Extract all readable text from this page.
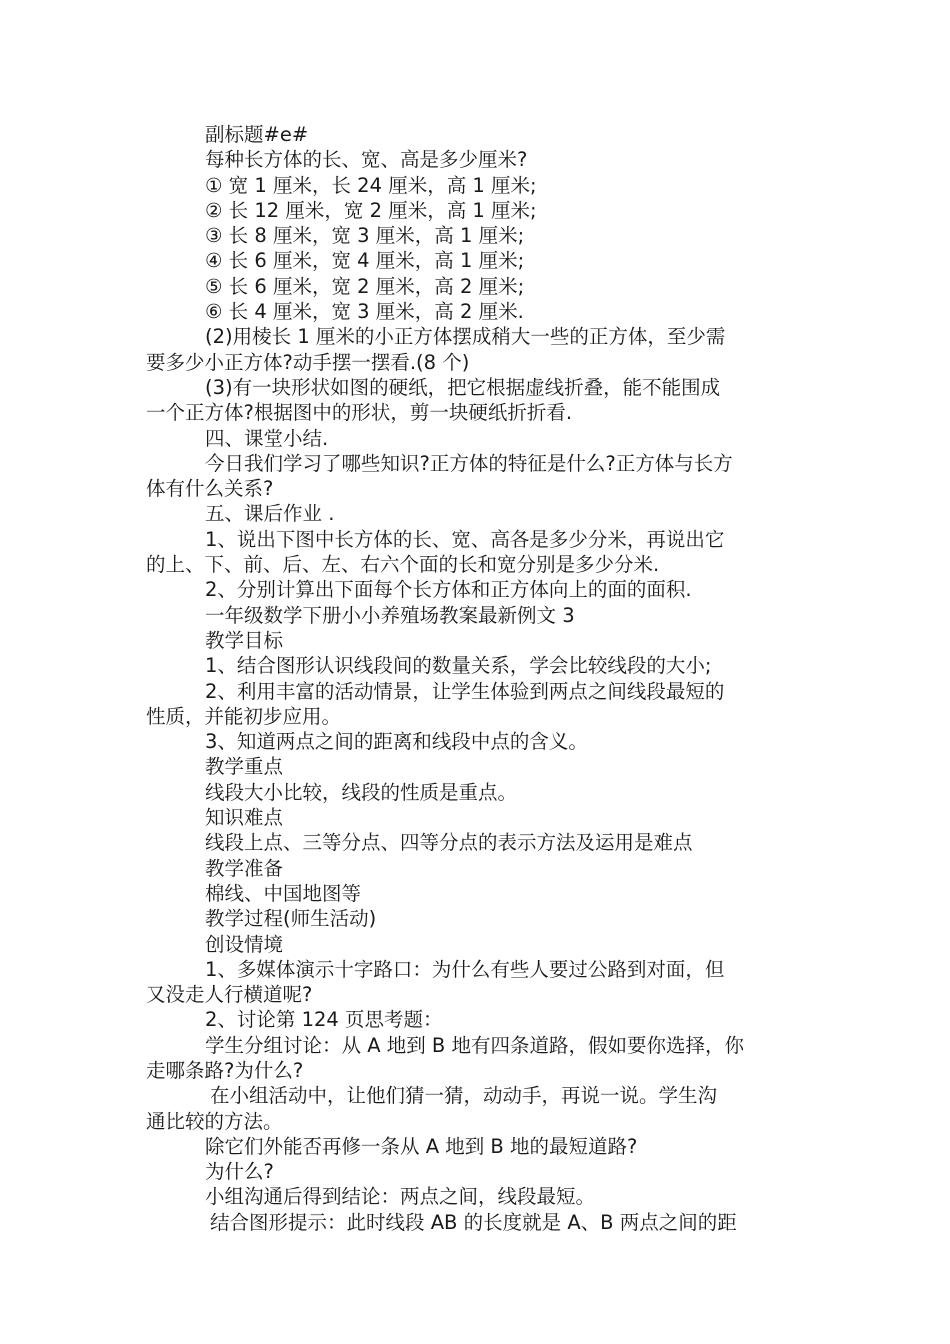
副标题#e#
每种长方体的长、宽、高是多少厘米?
① 宽 1 厘米，长 24 厘米，高 1 厘米;
② 长 12 厘米，宽 2 厘米，高 1 厘米;
③ 长 8 厘米，宽 3 厘米，高 1 厘米;
④ 长 6 厘米，宽 4 厘米，高 1 厘米;
⑤ 长 6 厘米，宽 2 厘米，高 2 厘米;
⑥ 长 4 厘米，宽 3 厘米，高 2 厘米.
(2)用棱长 1 厘米的小正方体摆成稍大一些的正方体，至少需
要多少小正方体?动手摆一摆看.(8 个)
(3)有一块形状如图的硬纸，把它根据虚线折叠，能不能围成
一个正方体?根据图中的形状，剪一块硬纸折折看.
四、课堂小结.
今日我们学习了哪些知识?正方体的特征是什么?正方体与长方
体有什么关系?
五、课后作业 .
1、说出下图中长方体的长、宽、高各是多少分米，再说出它
的上、下、前、后、左、右六个面的长和宽分别是多少分米.
2、分别计算出下面每个长方体和正方体向上的面的面积.
一年级数学下册小小养殖场教案最新例文 3
教学目标
1、结合图形认识线段间的数量关系，学会比较线段的大小;
2、利用丰富的活动情景，让学生体验到两点之间线段最短的
性质，并能初步应用。
3、知道两点之间的距离和线段中点的含义。
教学重点
线段大小比较，线段的性质是重点。
知识难点
线段上点、三等分点、四等分点的表示方法及运用是难点
教学准备
棉线、中国地图等
教学过程(师生活动)
创设情境
1、多媒体演示十字路口：为什么有些人要过公路到对面，但
又没走人行横道呢?
2、讨论第 124 页思考题：
学生分组讨论：从 A 地到 B 地有四条道路，假如要你选择，你
走哪条路?为什么?
在小组活动中，让他们猜一猜，动动手，再说一说。学生沟
通比较的方法。
除它们外能否再修一条从 A 地到 B 地的最短道路?
为什么?
小组沟通后得到结论：两点之间，线段最短。
结合图形提示：此时线段 AB 的长度就是 A、B 两点之间的距
